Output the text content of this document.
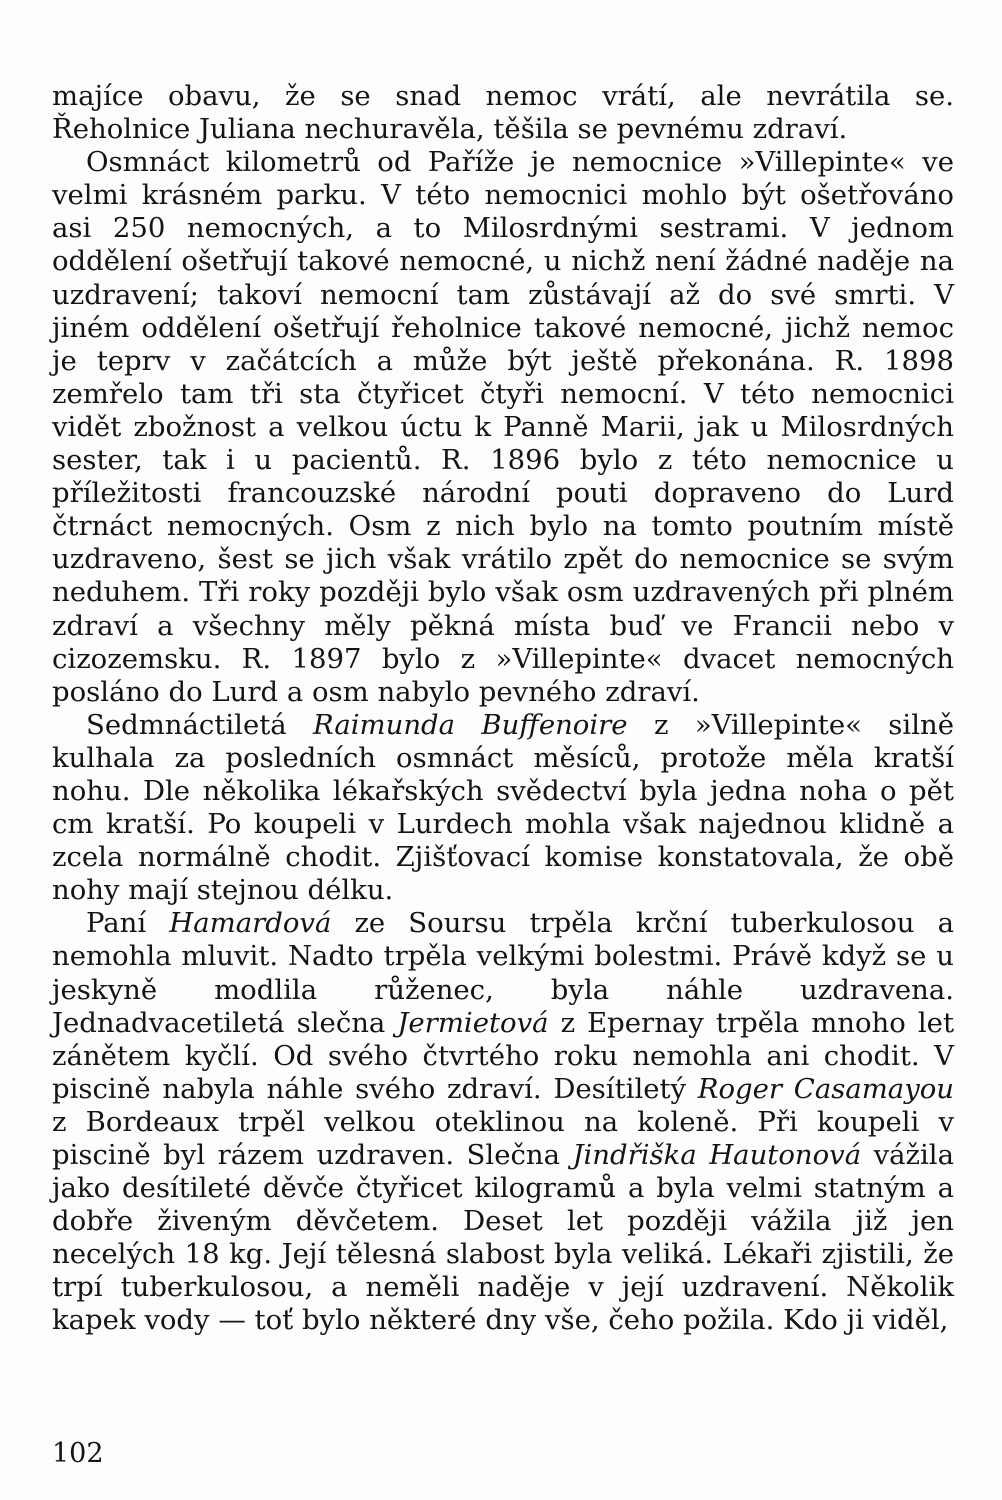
majíce obavu, že se snad nemoc vrátí, ale nevrátila se. Řeholnice Juliana nechuravěla, těšila se pevnému zdraví.

Osmnáct kilometrů od Paříže je nemocnice »Villepinte« ve velmi krásném parku. V této nemocnici mohlo být ošetřováno asi 250 nemocných, a to Milosrdnými sestrami. V jednom oddělení ošetřují takové nemocné, u nichž není žádné naděje na uzdravení; takoví nemocní tam zůstávají až do své smrti. V jiném oddělení ošetřují řeholnice takové nemocné, jichž nemoc je teprv v začátcích a může být ještě překonána. R. 1898 zemřelo tam tři sta čtyřicet čtyři nemocní. V této nemocnici vidět zbožnost a velkou úctu k Panně Marii, jak u Milosrdných sester, tak i u pacientů. R. 1896 bylo z této nemocnice u příležitosti francouzské národní pouti dopraveno do Lurd čtrnáct nemocných. Osm z nich bylo na tomto poutním místě uzdraveno, šest se jich však vrátilo zpět do nemocnice se svým neduhem. Tři roky později bylo však osm uzdravených při plném zdraví a všechny měly pěkná místa buď ve Francii nebo v cizozemsku. R. 1897 bylo z »Villepinte« dvacet nemocných posláno do Lurd a osm nabylo pevného zdraví.

Sedmnáctiletá Raimunda Buffenoire z »Villepinte« silně kulhala za posledních osmnáct měsíců, protože měla kratší nohu. Dle několika lékařských svědectví byla jedna noha o pět cm kratší. Po koupeli v Lurdech mohla však najednou klidně a zcela normálně chodit. Zjišťovací komise konstatovala, že obě nohy mají stejnou délku.

Paní Hamardová ze Soursu trpěla krční tuberkulosou a nemohla mluvit. Nadto trpěla velkými bolestmi. Právě když se u jeskyně modlila růženec, byla náhle uzdravena. Jednadvacetiletá slečna Jermietová z Epernay trpěla mnoho let zánětem kyčlí. Od svého čtvrtého roku nemohla ani chodit. V piscině nabyla náhle svého zdraví. Desítiletý Roger Casamayou z Bordeaux trpěl velkou oteklinou na koleně. Při koupeli v piscině byl rázem uzdraven. Slečna Jindřiška Hautonová vážila jako desítileté děvče čtyřicet kilogramů a byla velmi statným a dobře živeným děvčetem. Deset let později vážila již jen necelých 18 kg. Její tělesná slabost byla veliká. Lékaři zjistili, že trpí tuberkulosou, a neměli naděje v její uzdravení. Několik kapek vody — toť bylo některé dny vše, čeho požila. Kdo ji viděl,

102
